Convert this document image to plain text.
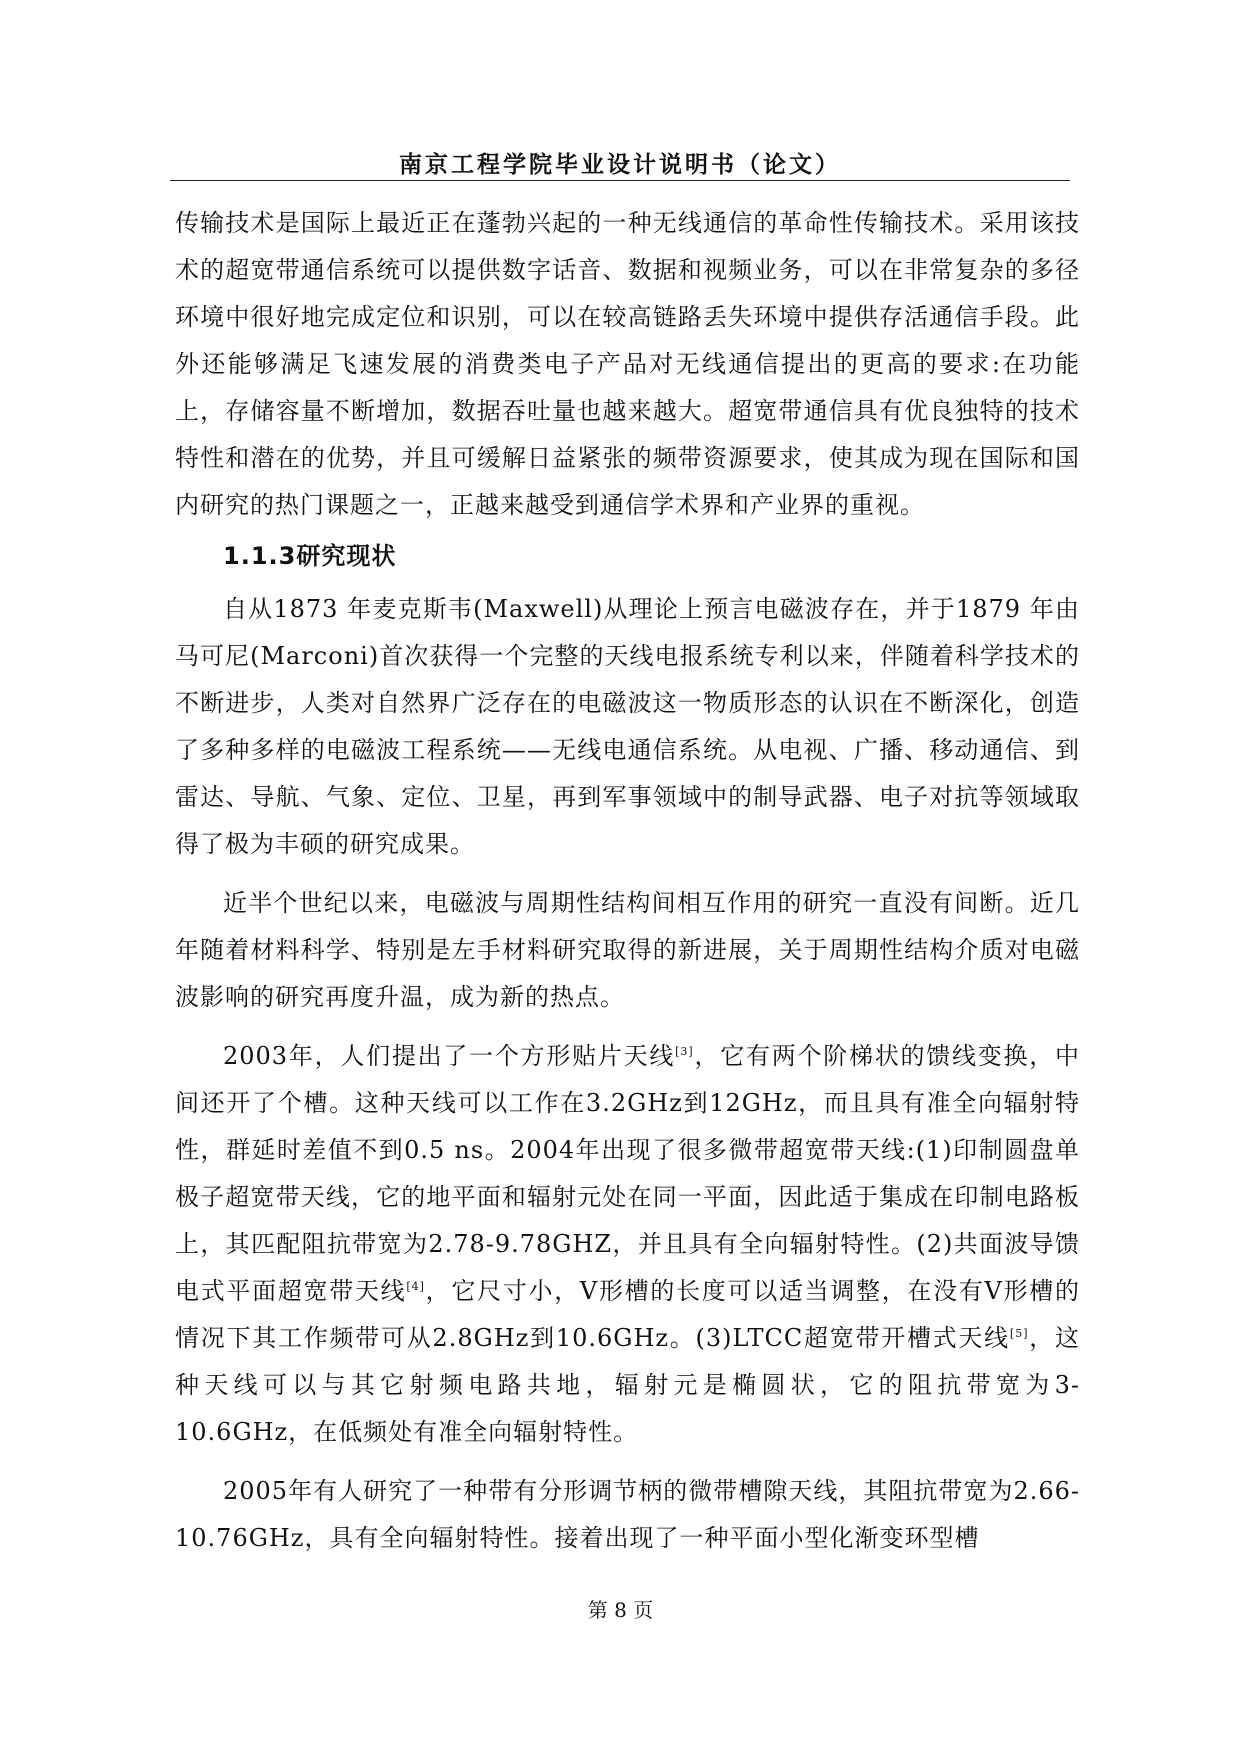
南京工程学院毕业设计说明书（论文）

传输技术是国际上最近正在蓬勃兴起的一种无线通信的革命性传输技术。采用该技术的超宽带通信系统可以提供数字话音、数据和视频业务，可以在非常复杂的多径环境中很好地完成定位和识别，可以在较高链路丢失环境中提供存活通信手段。此外还能够满足飞速发展的消费类电子产品对无线通信提出的更高的要求:在功能上，存储容量不断增加，数据吞吐量也越来越大。超宽带通信具有优良独特的技术特性和潜在的优势，并且可缓解日益紧张的频带资源要求，使其成为现在国际和国内研究的热门课题之一，正越来越受到通信学术界和产业界的重视。

1.1.3研究现状

自从1873 年麦克斯韦(Maxwell)从理论上预言电磁波存在，并于1879 年由马可尼(Marconi)首次获得一个完整的天线电报系统专利以来，伴随着科学技术的不断进步，人类对自然界广泛存在的电磁波这一物质形态的认识在不断深化，创造了多种多样的电磁波工程系统——无线电通信系统。从电视、广播、移动通信、到雷达、导航、气象、定位、卫星，再到军事领域中的制导武器、电子对抗等领域取得了极为丰硕的研究成果。

近半个世纪以来，电磁波与周期性结构间相互作用的研究一直没有间断。近几年随着材料科学、特别是左手材料研究取得的新进展，关于周期性结构介质对电磁波影响的研究再度升温，成为新的热点。

2003年，人们提出了一个方形贴片天线[3]，它有两个阶梯状的馈线变换，中间还开了个槽。这种天线可以工作在3.2GHz到12GHz，而且具有准全向辐射特性，群延时差值不到0.5 ns。2004年出现了很多微带超宽带天线:(1)印制圆盘单极子超宽带天线，它的地平面和辐射元处在同一平面，因此适于集成在印制电路板上，其匹配阻抗带宽为2.78-9.78GHZ，并且具有全向辐射特性。(2)共面波导馈电式平面超宽带天线[4]，它尺寸小，V形槽的长度可以适当调整，在没有V形槽的情况下其工作频带可从2.8GHz到10.6GHz。(3)LTCC超宽带开槽式天线[5]，这种天线可以与其它射频电路共地，辐射元是椭圆状，它的阻抗带宽为3-10.6GHz，在低频处有准全向辐射特性。

2005年有人研究了一种带有分形调节柄的微带槽隙天线，其阻抗带宽为2.66- 10.76GHz，具有全向辐射特性。接着出现了一种平面小型化渐变环型槽

第 8 页
